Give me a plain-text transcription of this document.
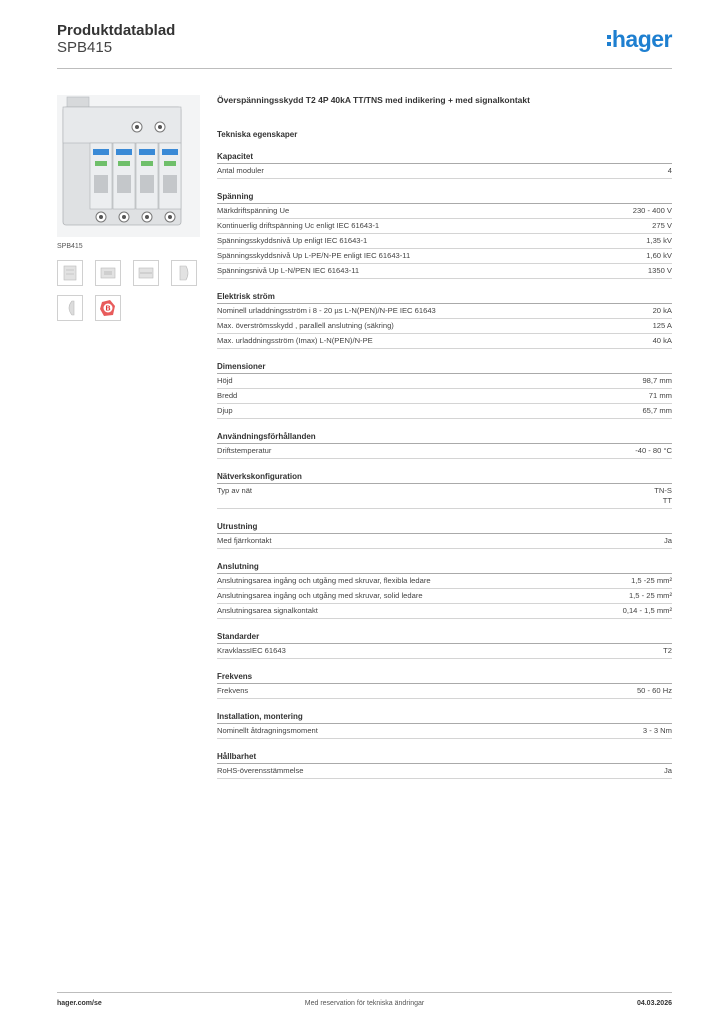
Produktdatablad
SPB415	hager
SPB415
B
Överspänningsskydd T2 4P 40kA TT/TNS med indikering + med signalkontakt
Tekniska egenskaper
Kapacitet
Antal moduler	4
Spänning
Märkdriftspänning Ue	230 - 400 V
Kontinuerlig driftspänning Uc enligt IEC 61643-1	275 V
Spänningsskyddsnivå Up enligt IEC 61643-1	1,35 kV
Spänningsskyddsnivå Up L-PE/N-PE enligt IEC 61643-11	1,60 kV
Spänningsnivå Up L-N/PEN IEC 61643-11	1350 V
Elektrisk ström
Nominell urladdningsström i 8 - 20 µs L-N(PEN)/N-PE IEC 61643	20 kA
Max. överströmsskydd , parallell anslutning (säkring)	125 A
Max. urladdningsström (Imax) L-N(PEN)/N-PE	40 kA
Dimensioner
Höjd	98,7 mm
Bredd	71 mm
Djup	65,7 mm
Användningsförhållanden
Driftstemperatur	-40 - 80 °C
Nätverkskonfiguration
Typ av nät	TN-S
TT
Utrustning
Med fjärrkontakt	Ja
Anslutning
Anslutningsarea ingång och utgång med skruvar, flexibla ledare	1,5 -25 mm²
Anslutningsarea ingång och utgång med skruvar, solid ledare	1,5 - 25 mm²
Anslutningsarea signalkontakt	0,14 - 1,5 mm²
Standarder
KravklassIEC 61643	T2
Frekvens
Frekvens	50 - 60 Hz
Installation, montering
Nominellt åtdragningsmoment	3 - 3 Nm
Hållbarhet
RoHS-överensstämmelse	Ja
hager.com/se	Med reservation för tekniska ändringar	04.03.2026
